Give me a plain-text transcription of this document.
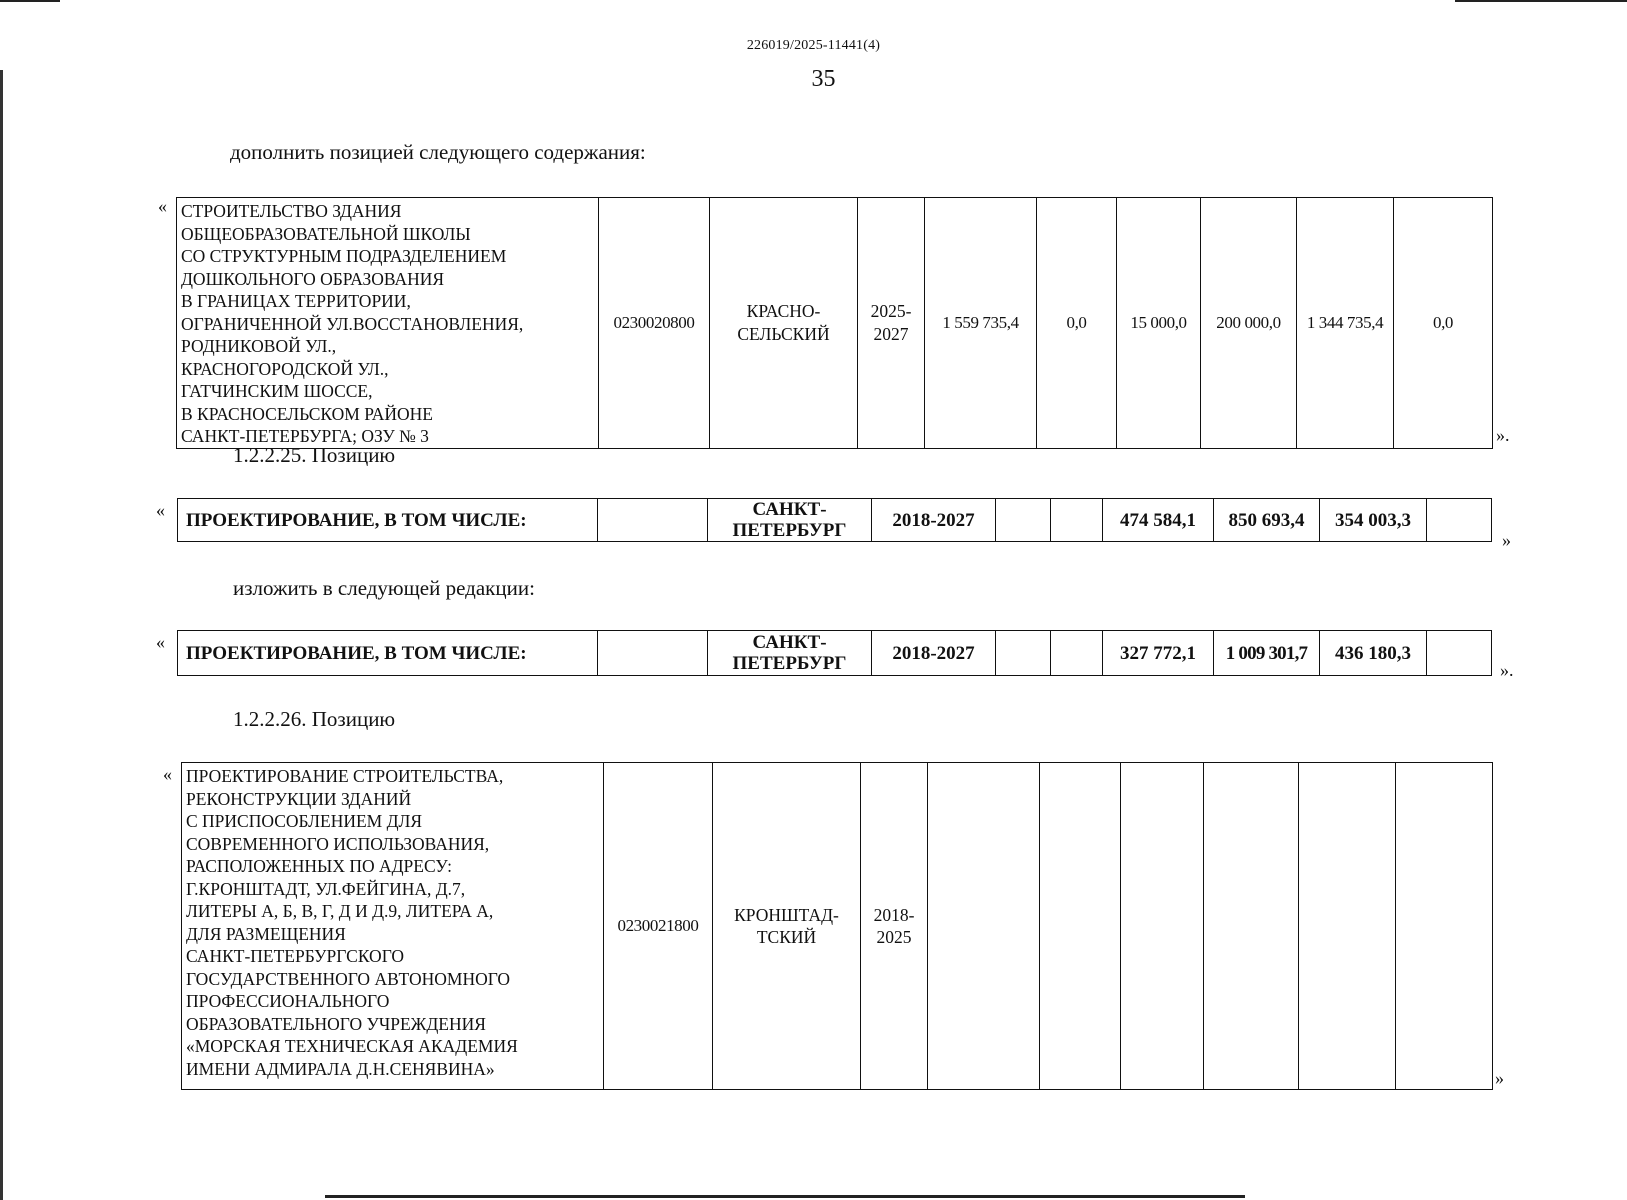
226019/2025-11441(4)
35
дополнить позицией следующего содержания:
« СТРОИТЕЛЬСТВО ЗДАНИЯ
ОБЩЕОБРАЗОВАТЕЛЬНОЙ ШКОЛЫ
СО СТРУКТУРНЫМ ПОДРАЗДЕЛЕНИЕМ
ДОШКОЛЬНОГО ОБРАЗОВАНИЯ
В ГРАНИЦАХ ТЕРРИТОРИИ,
ОГРАНИЧЕННОЙ УЛ.ВОССТАНОВЛЕНИЯ,
РОДНИКОВОЙ УЛ.,
КРАСНОГОРОДСКОЙ УЛ.,
ГАТЧИНСКИМ ШОССЕ,
В КРАСНОСЕЛЬСКОМ РАЙОНЕ
САНКТ-ПЕТЕРБУРГА; ОЗУ № 3	0230020800	КРАСНО-
СЕЛЬСКИЙ	2025-
2027	1 559 735,4	0,0	15 000,0	200 000,0	1 344 735,4	0,0
».
1.2.2.25. Позицию
« ПРОЕКТИРОВАНИЕ, В ТОМ ЧИСЛЕ:		САНКТ-
ПЕТЕРБУРГ	2018-2027			474 584,1	850 693,4	354 003,3	
»
изложить в следующей редакции:
«
ПРОЕКТИРОВАНИЕ, В ТОМ ЧИСЛЕ:		САНКТ-
ПЕТЕРБУРГ	2018-2027			327 772,1	1 009 301,7	436 180,3	
».
1.2.2.26. Позицию
« ПРОЕКТИРОВАНИЕ СТРОИТЕЛЬСТВА,
РЕКОНСТРУКЦИИ ЗДАНИЙ
С ПРИСПОСОБЛЕНИЕМ ДЛЯ
СОВРЕМЕННОГО ИСПОЛЬЗОВАНИЯ,
РАСПОЛОЖЕННЫХ ПО АДРЕСУ:
Г.КРОНШТАДТ, УЛ.ФЕЙГИНА, Д.7,
ЛИТЕРЫ А, Б, В, Г, Д И Д.9, ЛИТЕРА А,
ДЛЯ РАЗМЕЩЕНИЯ
САНКТ-ПЕТЕРБУРГСКОГО
ГОСУДАРСТВЕННОГО АВТОНОМНОГО
ПРОФЕССИОНАЛЬНОГО
ОБРАЗОВАТЕЛЬНОГО УЧРЕЖДЕНИЯ
«МОРСКАЯ ТЕХНИЧЕСКАЯ АКАДЕМИЯ
ИМЕНИ АДМИРАЛА Д.Н.СЕНЯВИНА»	0230021800	КРОНШТАД-
ТСКИЙ	2018-
2025						
»
